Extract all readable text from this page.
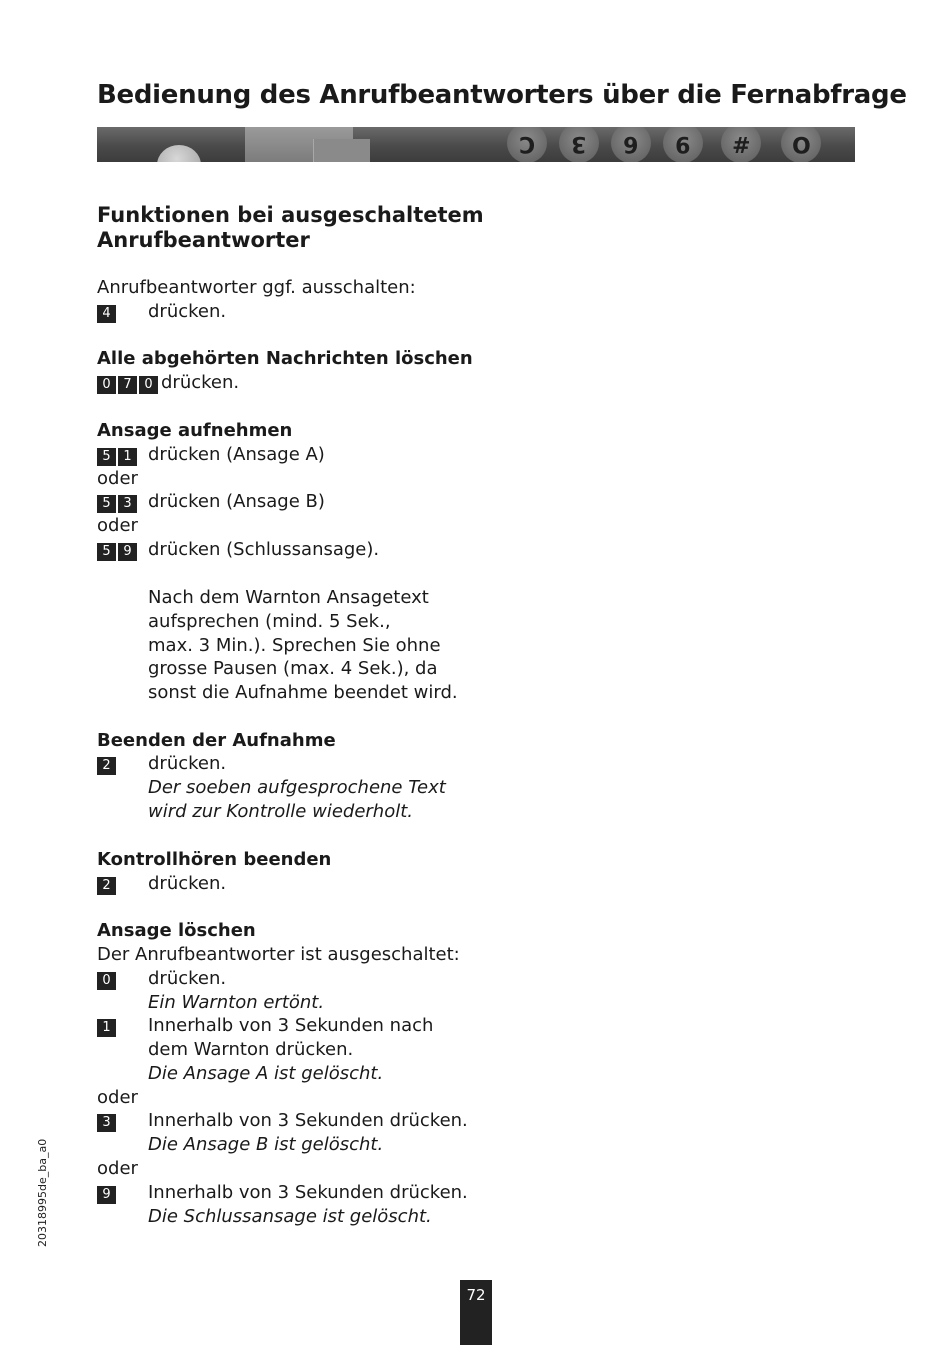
Bedienung des Anrufbeantworters über die Fernabfrage
C 3 6 9 # O
Funktionen bei ausgeschaltetem
Anrufbeantworter
Anrufbeantworter ggf. ausschalten:
4 drücken.
Alle abgehörten Nachrichten löschen
0 7 0 drücken.
Ansage aufnehmen
5 1 drücken (Ansage A)
oder
5 3 drücken (Ansage B)
oder
5 9 drücken (Schlussansage).
Nach dem Warnton Ansagetext
aufsprechen (mind. 5 Sek.,
max. 3 Min.). Sprechen Sie ohne
grosse Pausen (max. 4 Sek.), da
sonst die Aufnahme beendet wird.
Beenden der Aufnahme
2 drücken.
Der soeben aufgesprochene Text
wird zur Kontrolle wiederholt.
Kontrollhören beenden
2 drücken.
Ansage löschen
Der Anrufbeantworter ist ausgeschaltet:
0 drücken.
Ein Warnton ertönt.
1 Innerhalb von 3 Sekunden nach
dem Warnton drücken.
Die Ansage A ist gelöscht.
oder
3 Innerhalb von 3 Sekunden drücken.
Die Ansage B ist gelöscht.
oder
9 Innerhalb von 3 Sekunden drücken.
Die Schlussansage ist gelöscht.
20318995de_ba_a0
72
